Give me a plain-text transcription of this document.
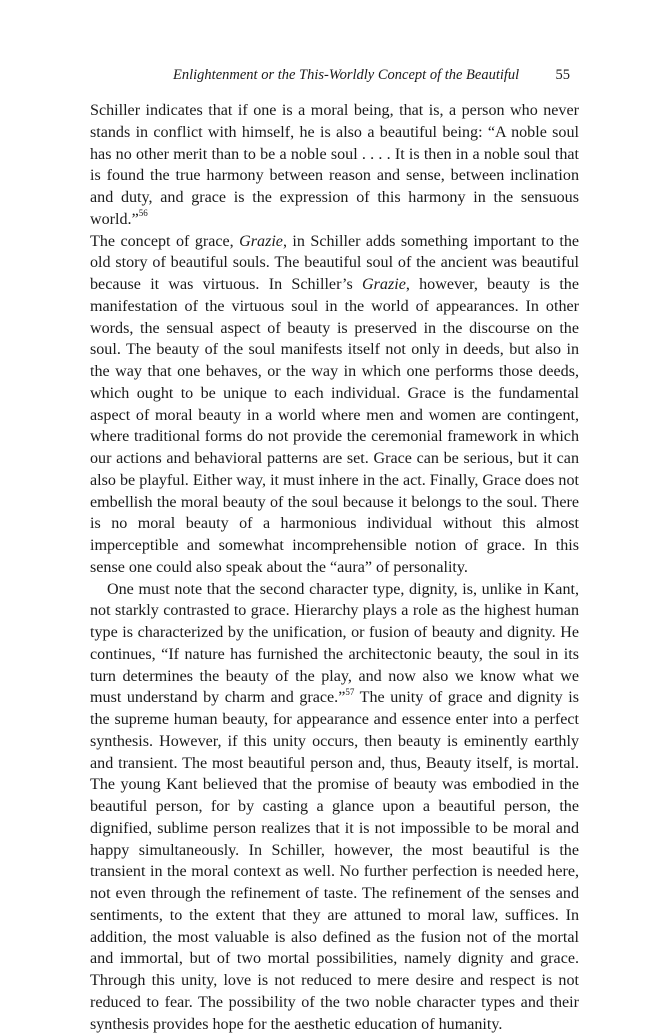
Enlightenment or the This-Worldly Concept of the Beautiful	55

Schiller indicates that if one is a moral being, that is, a person who never stands in conflict with himself, he is also a beautiful being: “A noble soul has no other merit than to be a noble soul . . . . It is then in a noble soul that is found the true harmony between reason and sense, between inclination and duty, and grace is the expression of this harmony in the sensuous world.”$^{56}$
The concept of grace, Grazie, in Schiller adds something important to the old story of beautiful souls. The beautiful soul of the ancient was beautiful because it was virtuous. In Schiller’s Grazie, however, beauty is the manifestation of the virtuous soul in the world of appearances. In other words, the sensual aspect of beauty is preserved in the discourse on the soul. The beauty of the soul manifests itself not only in deeds, but also in the way that one behaves, or the way in which one performs those deeds, which ought to be unique to each individual. Grace is the fundamental aspect of moral beauty in a world where men and women are contingent, where traditional forms do not provide the ceremonial framework in which our actions and behavioral patterns are set. Grace can be serious, but it can also be playful. Either way, it must inhere in the act. Finally, Grace does not embellish the moral beauty of the soul because it belongs to the soul. There is no moral beauty of a harmonious individual without this almost imperceptible and somewhat incomprehensible notion of grace. In this sense one could also speak about the “aura” of personality.

One must note that the second character type, dignity, is, unlike in Kant, not starkly contrasted to grace. Hierarchy plays a role as the highest human type is characterized by the unification, or fusion of beauty and dignity. He continues, “If nature has furnished the architectonic beauty, the soul in its turn determines the beauty of the play, and now also we know what we must understand by charm and grace.”$^{57}$ The unity of grace and dignity is the supreme human beauty, for appearance and essence enter into a perfect synthesis. However, if this unity occurs, then beauty is eminently earthly and transient. The most beautiful person and, thus, Beauty itself, is mortal. The young Kant believed that the promise of beauty was embodied in the beautiful person, for by casting a glance upon a beautiful person, the dignified, sublime person realizes that it is not impossible to be moral and happy simultaneously. In Schiller, however, the most beautiful is the transient in the moral context as well. No further perfection is needed here, not even through the refinement of taste. The refinement of the senses and sentiments, to the extent that they are attuned to moral law, suffices. In addition, the most valuable is also defined as the fusion not of the mortal and immortal, but of two mortal possibilities, namely dignity and grace. Through this unity, love is not reduced to mere desire and respect is not reduced to fear. The possibility of the two noble character types and their synthesis provides hope for the aesthetic education of humanity.
